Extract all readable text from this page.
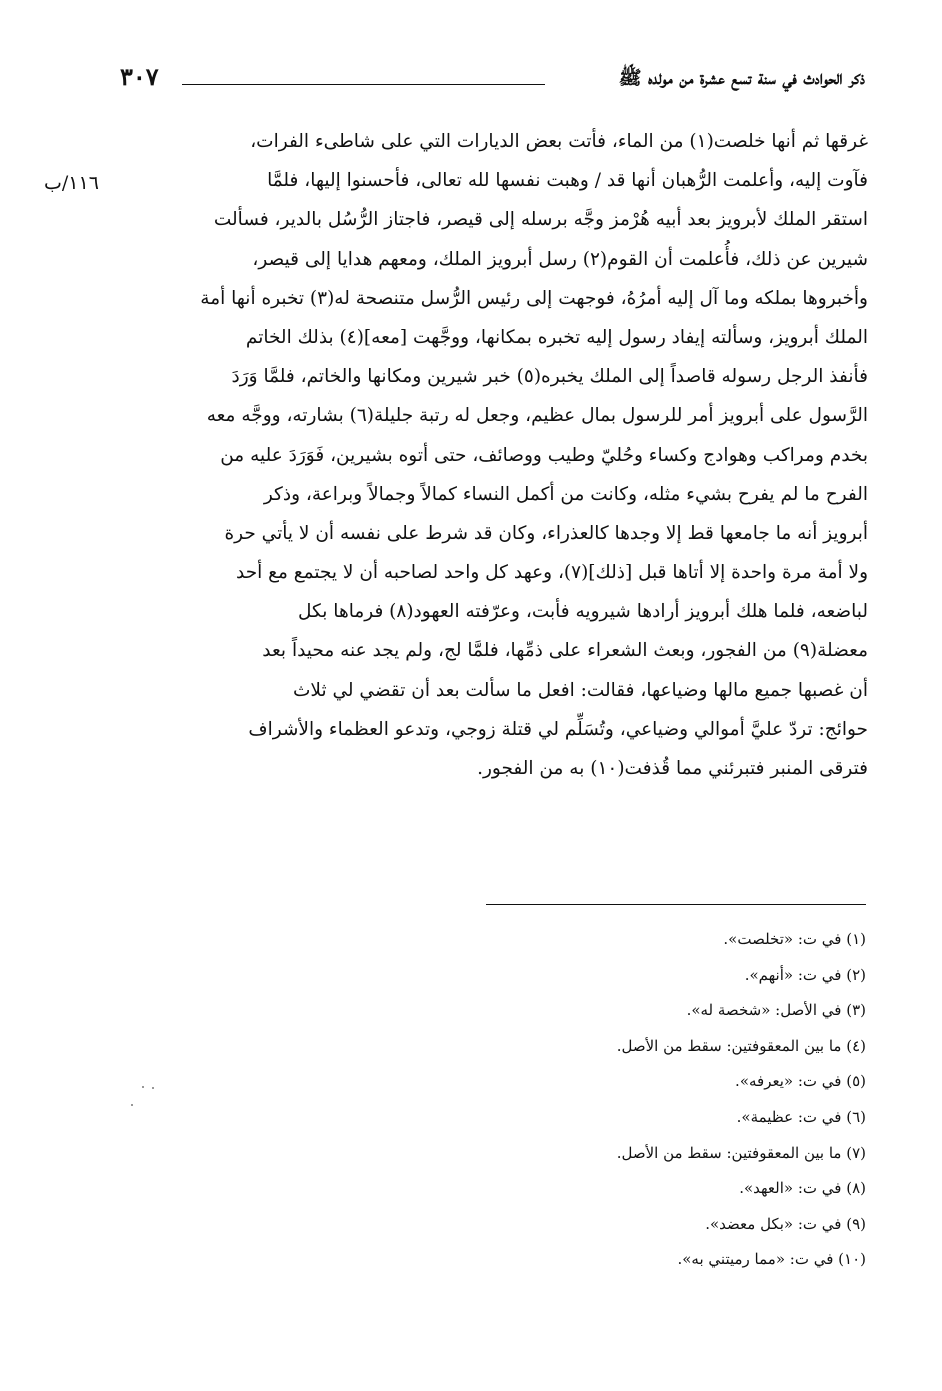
٣٠٧	ذكر الحوادث في سنة تسع عشرة من مولده ﷺ
١١٦/ب
غرقها ثم أنها خلصت(١) من الماء، فأتت بعض الديارات التي على شاطىء الفرات،
فآوت إليه، وأعلمت الرُّهبان أنها قد / وهبت نفسها لله تعالى، فأحسنوا إليها، فلمَّا
استقر الملك لأبرويز بعد أبيه هُرْمز وجَّه برسله إلى قيصر، فاجتاز الرُّسُل بالدير، فسألت
شيرين عن ذلك، فأُعلمت أن القوم(٢) رسل أبرويز الملك، ومعهم هدايا إلى قيصر،
وأخبروها بملكه وما آل إليه أمرُهُ، فوجهت إلى رئيس الرُّسل متنصحة له(٣) تخبره أنها أمة
الملك أبرويز، وسألته إيفاد رسول إليه تخبره بمكانها، ووجَّهت [معه](٤) بذلك الخاتم
فأنفذ الرجل رسوله قاصداً إلى الملك يخبره(٥) خبر شيرين ومكانها والخاتم، فلمَّا وَرَدَ
الرَّسول على أبرويز أمر للرسول بمال عظيم، وجعل له رتبة جليلة(٦) بشارته، ووجَّه معه
بخدم ومراكب وهوادج وكساء وحُليّ وطيب ووصائف، حتى أتوه بشيرين، فَوَرَدَ عليه من
الفرح ما لم يفرح بشيء مثله، وكانت من أكمل النساء كمالاً وجمالاً وبراعة، وذكر
أبرويز أنه ما جامعها قط إلا وجدها كالعذراء، وكان قد شرط على نفسه أن لا يأتي حرة
ولا أمة مرة واحدة إلا أتاها قبل [ذلك](٧)، وعهد كل واحد لصاحبه أن لا يجتمع مع أحد
لباضعه، فلما هلك أبرويز أرادها شيرويه فأبت، وعرّفته العهود(٨) فرماها بكل
معضلة(٩) من الفجور، وبعث الشعراء على ذمِّها، فلمَّا لج، ولم يجد عنه محيداً بعد
أن غصبها جميع مالها وضياعها، فقالت: افعل ما سألت بعد أن تقضي لي ثلاث
حوائج: تردّ عليَّ أموالي وضياعي، وتُسَلِّم لي قتلة زوجي، وتدعو العظماء والأشراف
فترقى المنبر فتبرئني مما قُذفت(١٠) به من الفجور.
(١) في ت: «تخلصت».
(٢) في ت: «أنهم».
(٣) في الأصل: «شخصة له».
(٤) ما بين المعقوفتين: سقط من الأصل.
(٥) في ت: «يعرفه».
(٦) في ت: عظيمة».
(٧) ما بين المعقوفتين: سقط من الأصل.
(٨) في ت: «العهد».
(٩) في ت: «بكل معضد».
(١٠) في ت: «مما رميتني به».
